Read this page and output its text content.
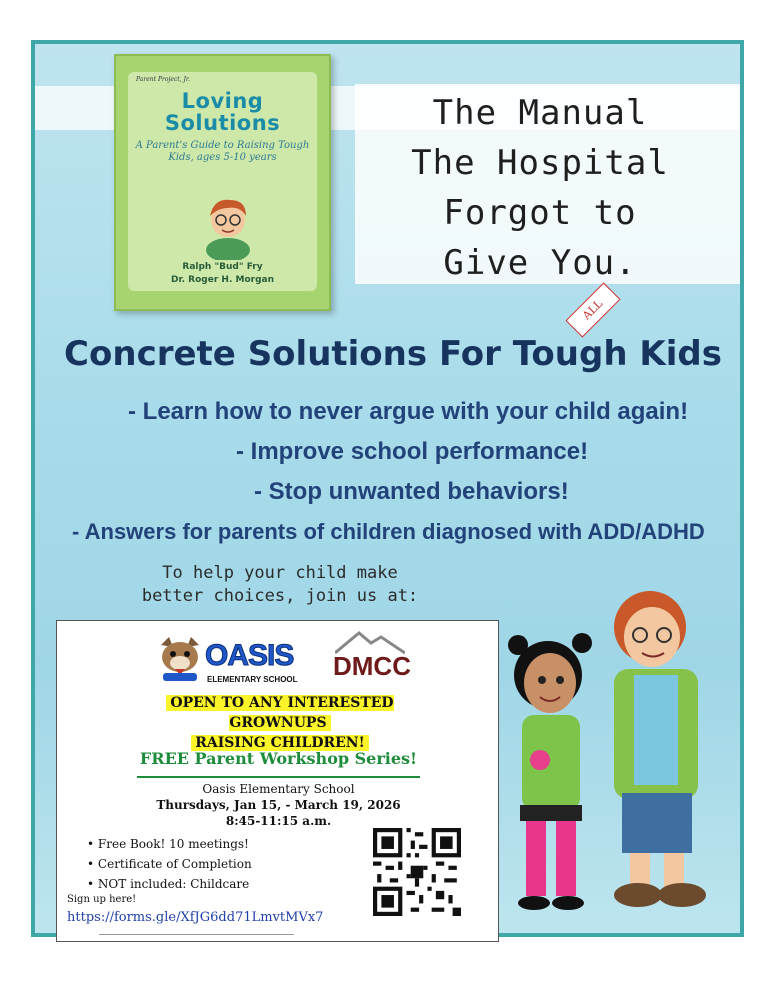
Parent Project, Jr.
Loving
Solutions
A Parent's Guide to Raising Tough Kids, ages 5-10 years
Ralph "Bud" Fry
Dr. Roger H. Morgan
The Manual
The Hospital
Forgot to
Give You.
ALL
Concrete Solutions For Tough Kids
- Learn how to never argue with your child again!
- Improve school performance!
- Stop unwanted behaviors!
- Answers for parents of children diagnosed with ADD/ADHD
To help your child make
better choices, join us at:
OASIS
ELEMENTARY SCHOOL DMCC
OPEN TO ANY INTERESTED GROWNUPS
RAISING CHILDREN!
FREE Parent Workshop Series!
Oasis Elementary School
Thursdays, Jan 15, - March 19, 2026
8:45-11:15 a.m.
• Free Book! 10 meetings!
• Certificate of Completion
• NOT included: Childcare
Sign up here!
https://forms.gle/XfJG6dd71LmvtMVx7
